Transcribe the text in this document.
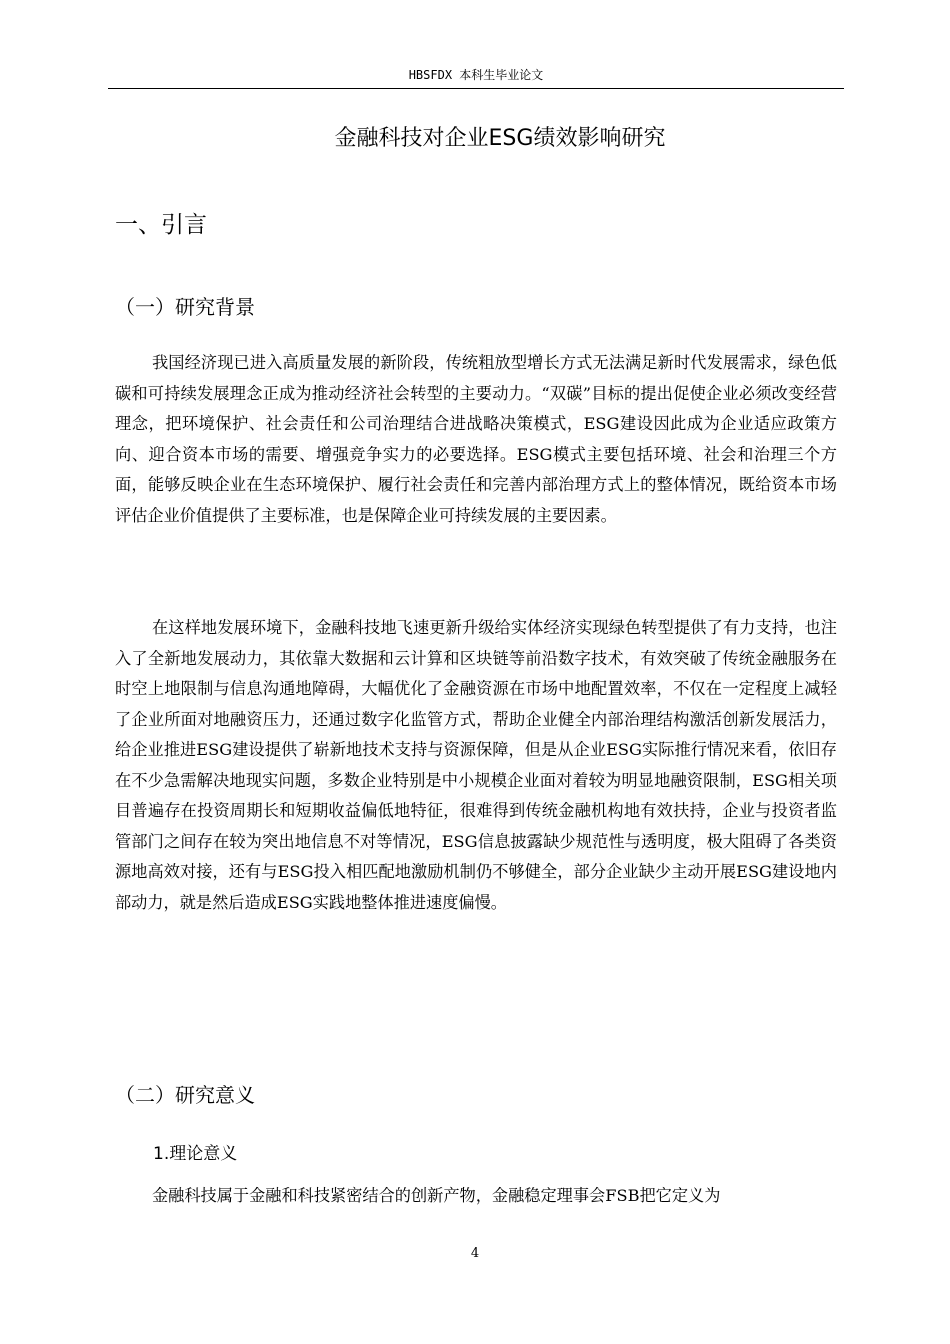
HBSFDX 本科生毕业论文
金融科技对企业ESG绩效影响研究
一、引言
（一）研究背景

我国经济现已进入高质量发展的新阶段，传统粗放型增长方式无法满足新时代发展需求，绿色低碳和可持续发展理念正成为推动经济社会转型的主要动力。“双碳”目标的提出促使企业必须改变经营理念，把环境保护、社会责任和公司治理结合进战略决策模式，ESG建设因此成为企业适应政策方向、迎合资本市场的需要、增强竞争实力的必要选择。ESG模式主要包括环境、社会和治理三个方面，能够反映企业在生态环境保护、履行社会责任和完善内部治理方式上的整体情况，既给资本市场评估企业价值提供了主要标准，也是保障企业可持续发展的主要因素。

在这样地发展环境下，金融科技地飞速更新升级给实体经济实现绿色转型提供了有力支持，也注入了全新地发展动力，其依靠大数据和云计算和区块链等前沿数字技术，有效突破了传统金融服务在时空上地限制与信息沟通地障碍，大幅优化了金融资源在市场中地配置效率，不仅在一定程度上减轻了企业所面对地融资压力，还通过数字化监管方式，帮助企业健全内部治理结构激活创新发展活力，给企业推进ESG建设提供了崭新地技术支持与资源保障，但是从企业ESG实际推行情况来看，依旧存在不少急需解决地现实问题，多数企业特别是中小规模企业面对着较为明显地融资限制，ESG相关项目普遍存在投资周期长和短期收益偏低地特征，很难得到传统金融机构地有效扶持，企业与投资者监管部门之间存在较为突出地信息不对等情况，ESG信息披露缺少规范性与透明度，极大阻碍了各类资源地高效对接，还有与ESG投入相匹配地激励机制仍不够健全，部分企业缺少主动开展ESG建设地内部动力，就是然后造成ESG实践地整体推进速度偏慢。

（二）研究意义
1.理论意义

金融科技属于金融和科技紧密结合的创新产物，金融稳定理事会FSB把它定义为

4
